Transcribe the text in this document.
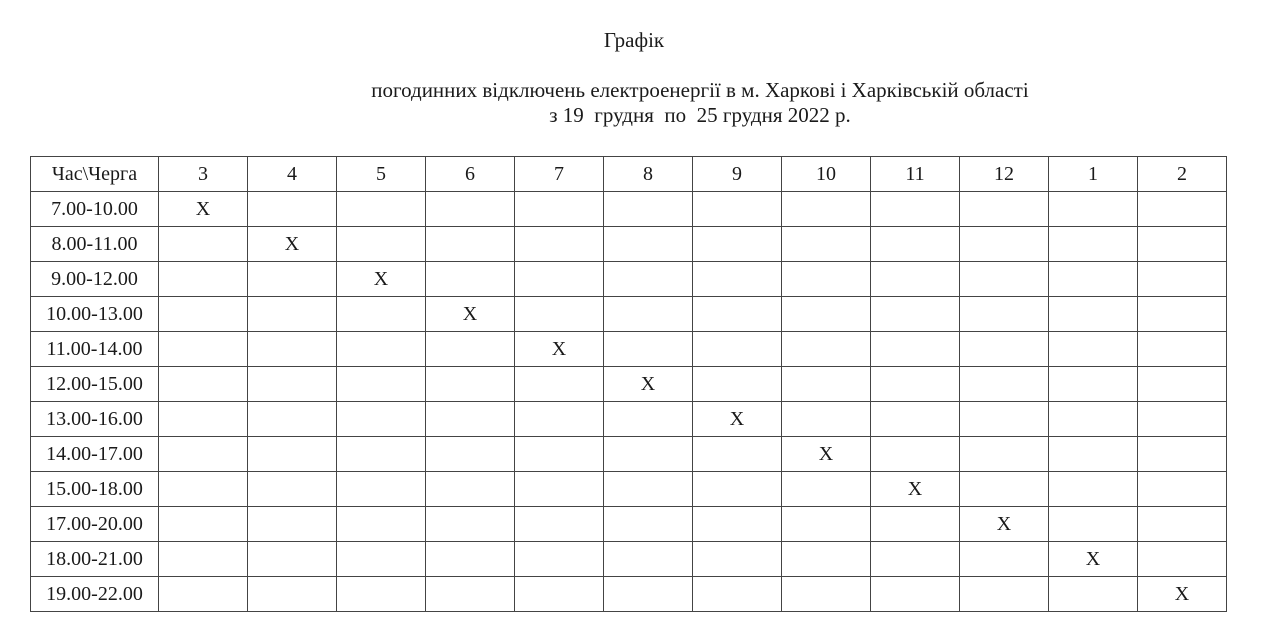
Графік
погодинних відключень електроенергії в м. Харкові і Харківській області
з 19  грудня  по  25 грудня 2022 р.
Час\Черга	3	4	5	6	7	8	9	10	11	12	1	2
7.00-10.00	X											
8.00-11.00		X										
9.00-12.00			X									
10.00-13.00				X								
11.00-14.00					X							
12.00-15.00						X						
13.00-16.00							X					
14.00-17.00								X				
15.00-18.00									X			
17.00-20.00										X		
18.00-21.00											X	
19.00-22.00												X
